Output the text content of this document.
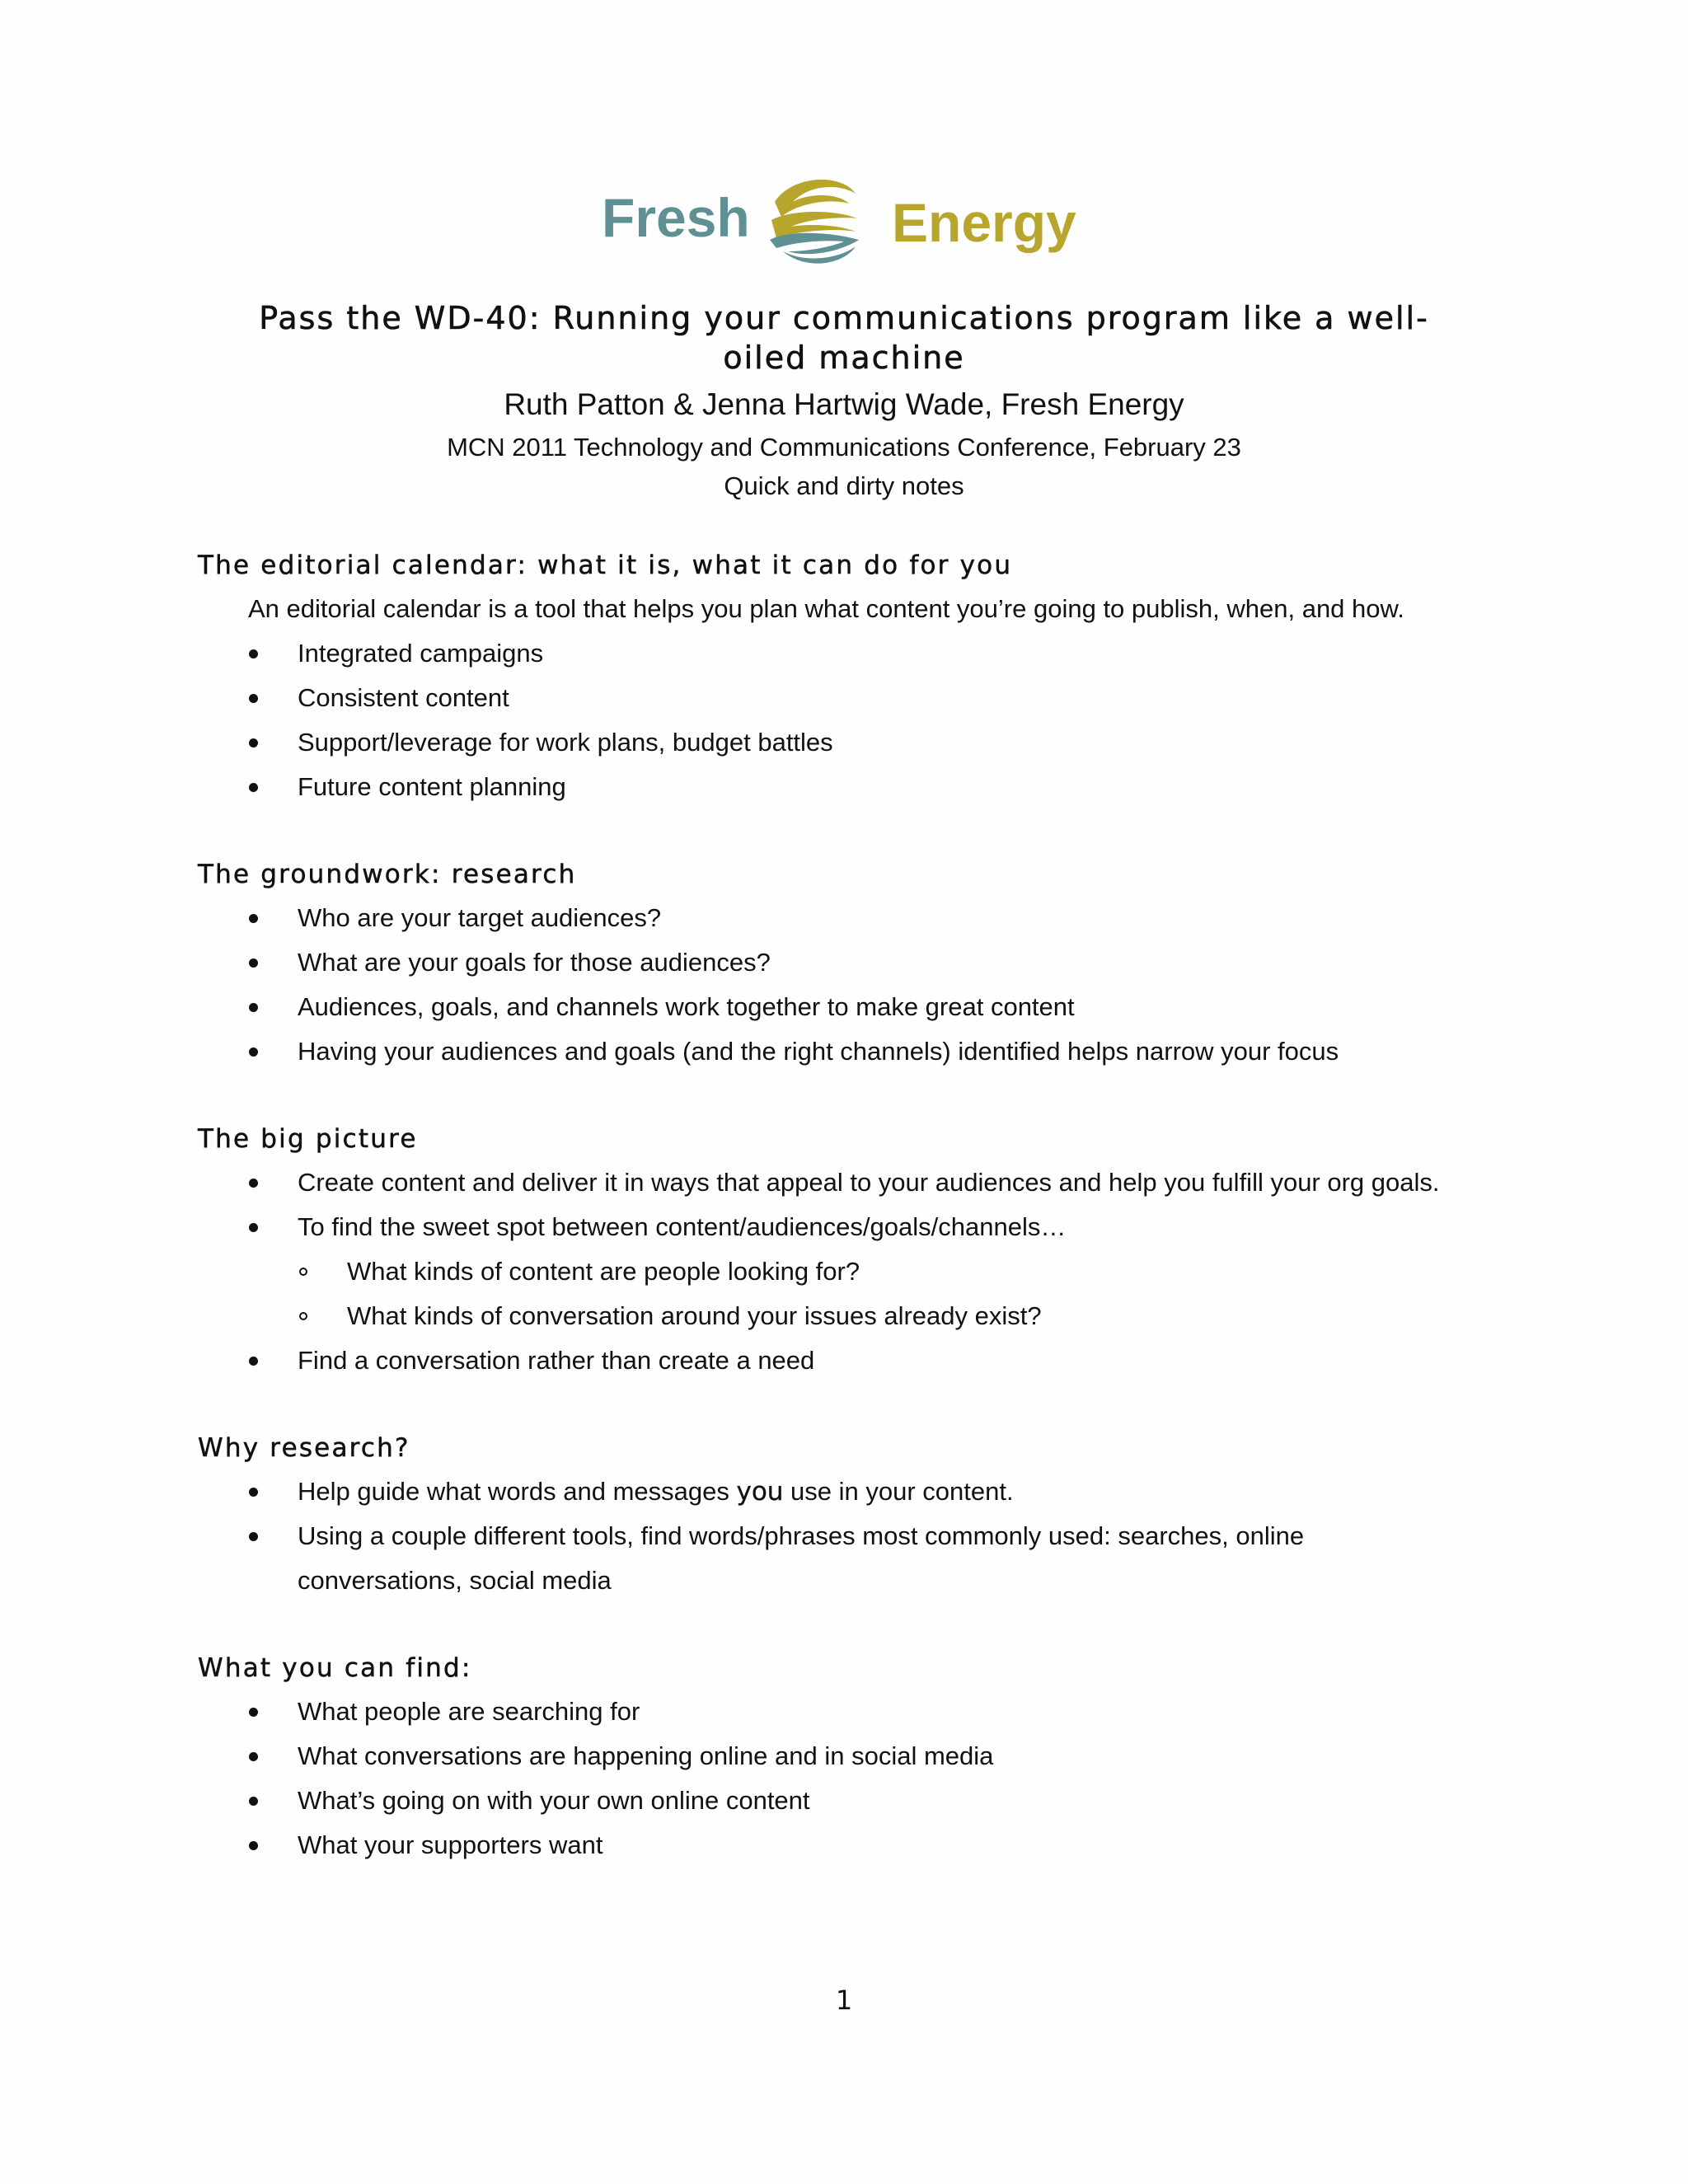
Fresh	Energy
Pass the WD-40: Running your communications program like a well-oiled machine
Ruth Patton & Jenna Hartwig Wade, Fresh Energy
MCN 2011 Technology and Communications Conference, February 23
Quick and dirty notes
The editorial calendar: what it is, what it can do for you
An editorial calendar is a tool that helps you plan what content you’re going to publish, when, and how.
Integrated campaigns
Consistent content
Support/leverage for work plans, budget battles
Future content planning
The groundwork: research
Who are your target audiences?
What are your goals for those audiences?
Audiences, goals, and channels work together to make great content
Having your audiences and goals (and the right channels) identified helps narrow your focus
The big picture
Create content and deliver it in ways that appeal to your audiences and help you fulfill your org goals.
To find the sweet spot between content/audiences/goals/channels…
What kinds of content are people looking for?
What kinds of conversation around your issues already exist?
Find a conversation rather than create a need
Why research?
Help guide what words and messages you use in your content.
Using a couple different tools, find words/phrases most commonly used: searches, online conversations, social media
What you can find:
What people are searching for
What conversations are happening online and in social media
What’s going on with your own online content
What your supporters want
1
